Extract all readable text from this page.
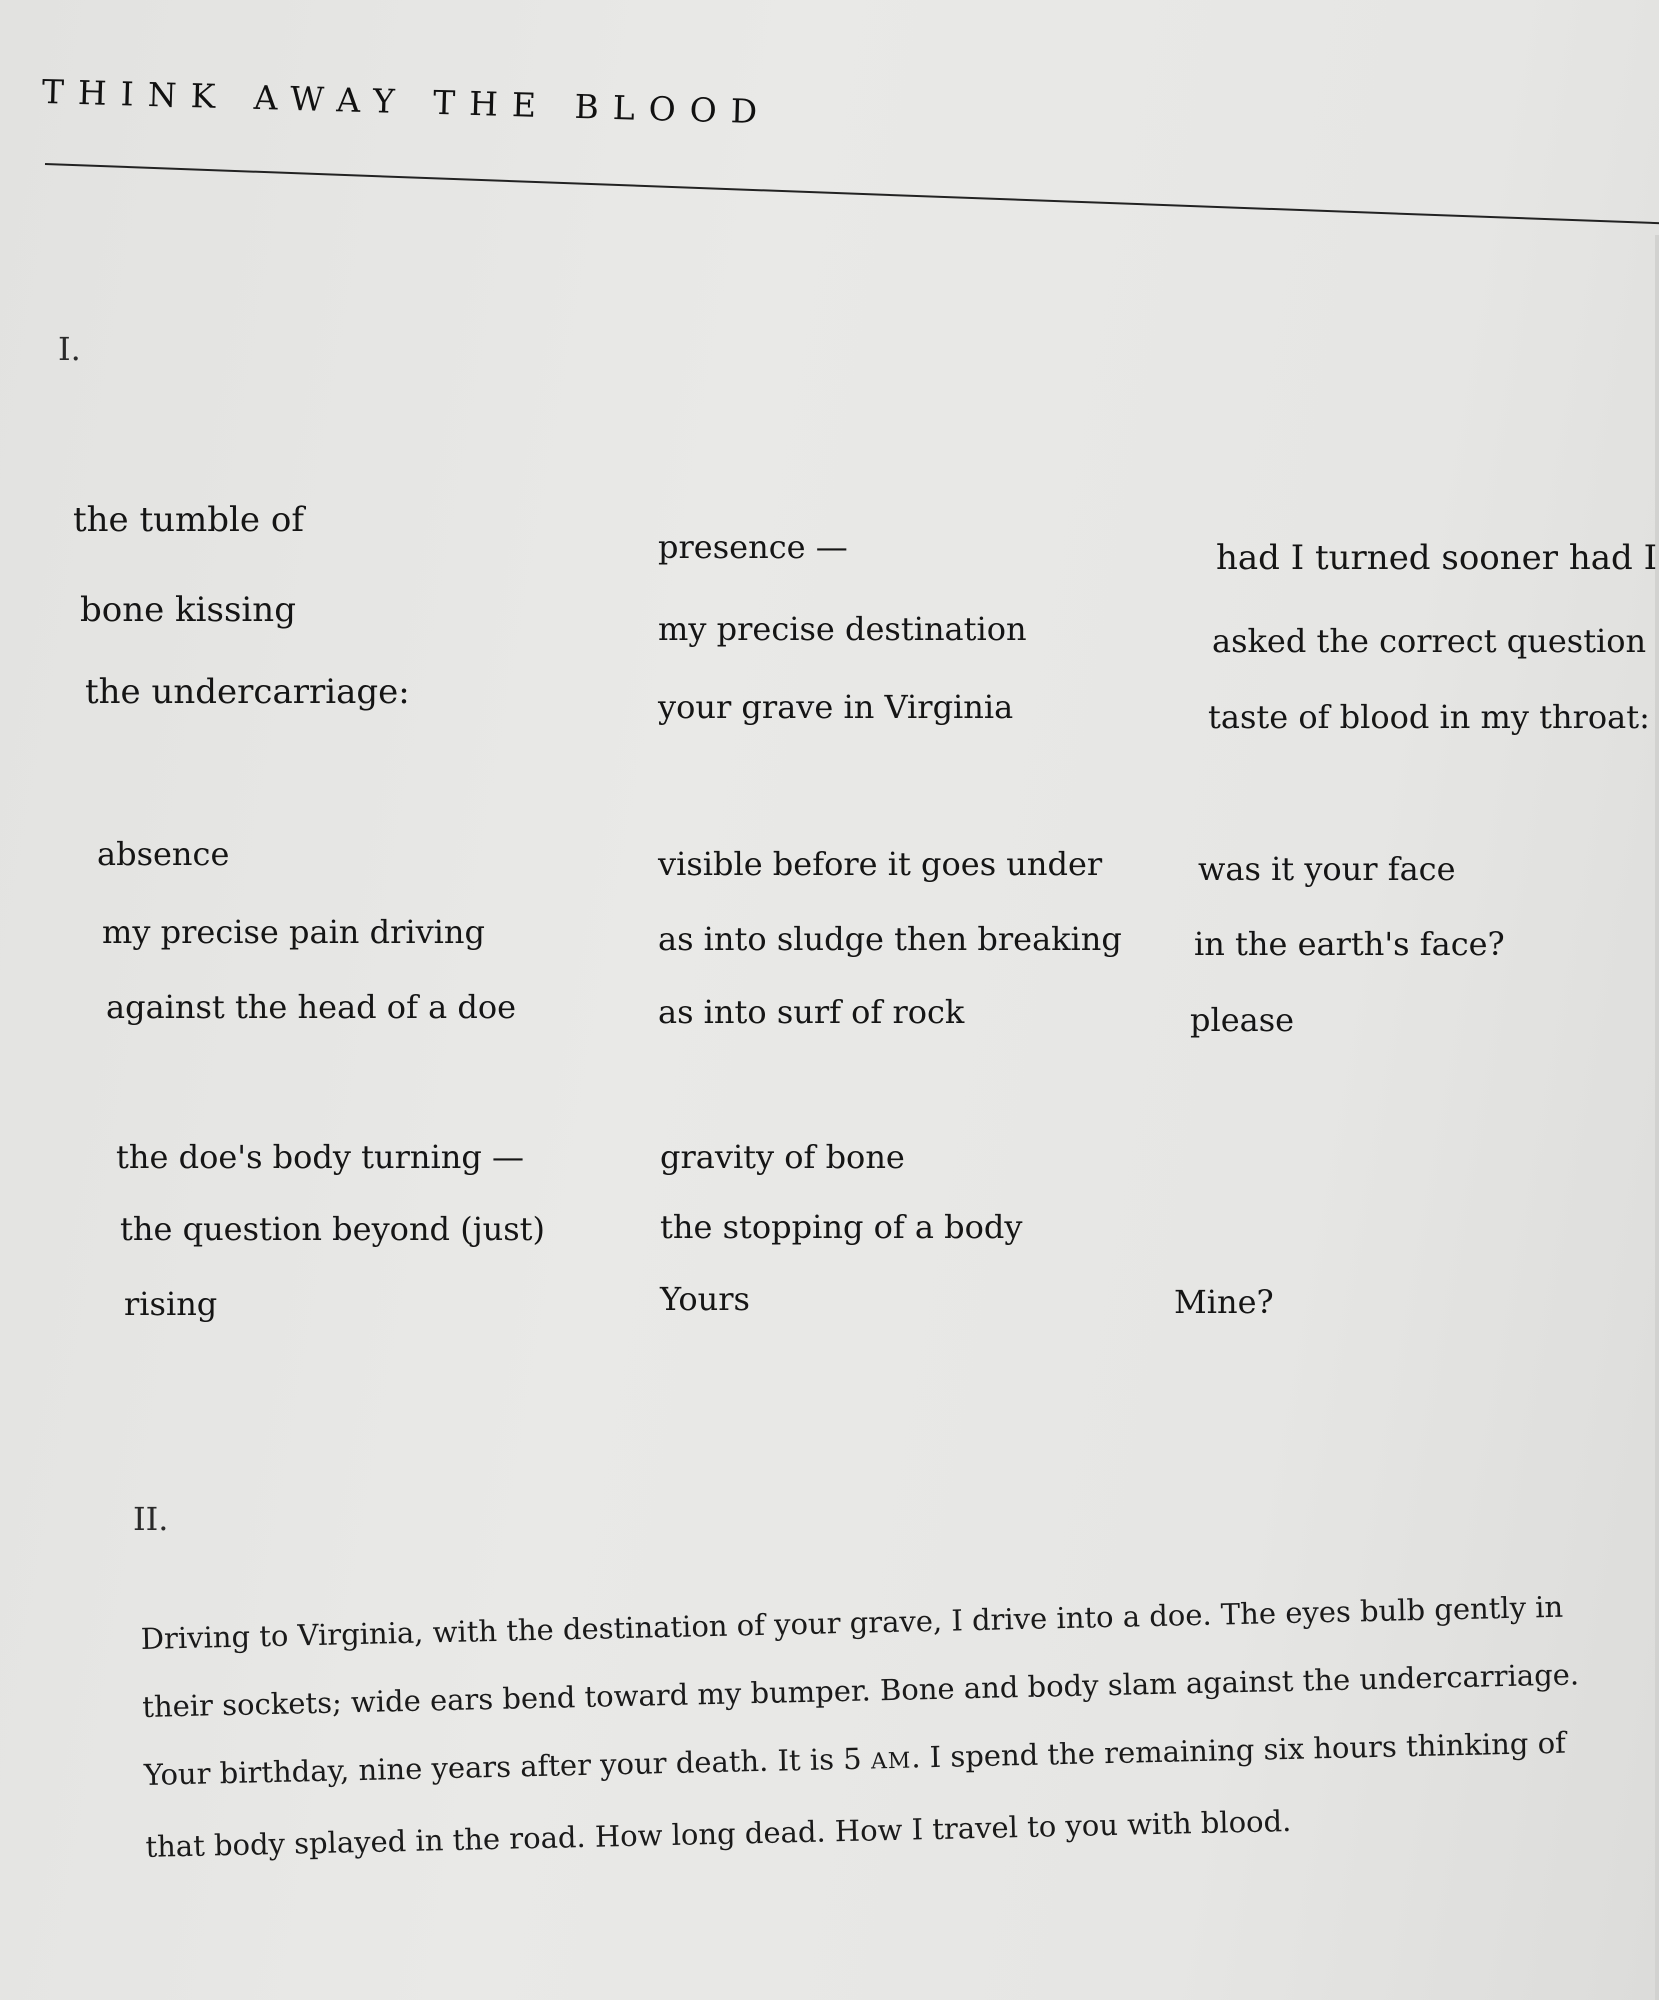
THINK AWAY THE BLOOD
I.
the tumble of
bone kissing
the undercarriage:
presence —
my precise destination
your grave in Virginia
had I turned sooner had I
asked the correct question
taste of blood in my throat:
absence
my precise pain driving
against the head of a doe
visible before it goes under
as into sludge then breaking
as into surf of rock
was it your face
in the earth's face?
please
the doe's body turning —
the question beyond (just)
rising
gravity of bone
the stopping of a body
Yours	Mine?
II.
Driving to Virginia, with the destination of your grave, I drive into a doe. The eyes bulb gently in
their sockets; wide ears bend toward my bumper. Bone and body slam against the undercarriage.
Your birthday, nine years after your death. It is 5 AM. I spend the remaining six hours thinking of
that body splayed in the road. How long dead. How I travel to you with blood.
